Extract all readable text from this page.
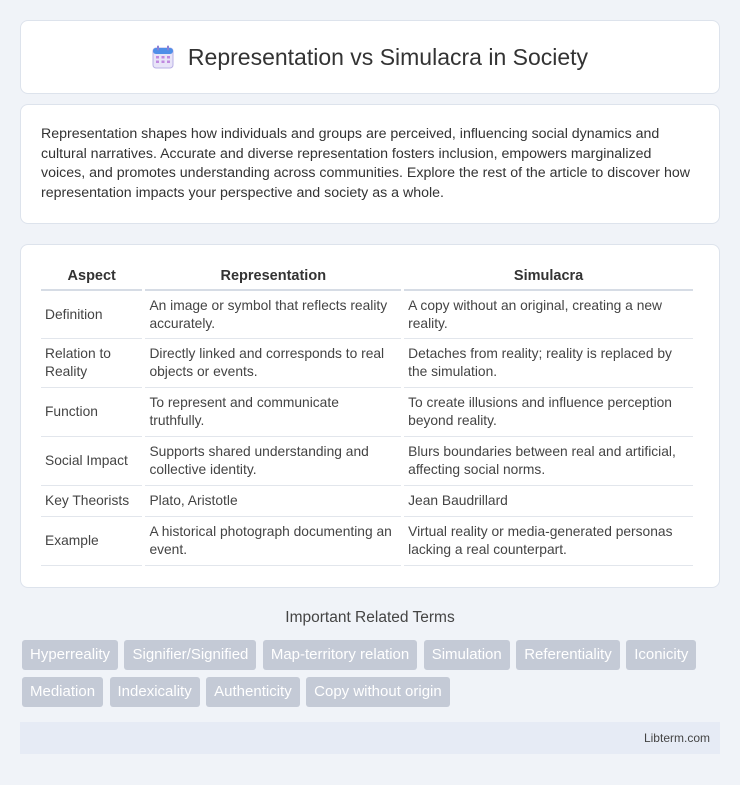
Representation vs Simulacra in Society

Representation shapes how individuals and groups are perceived, influencing social dynamics and cultural narratives. Accurate and diverse representation fosters inclusion, empowers marginalized voices, and promotes understanding across communities. Explore the rest of the article to discover how representation impacts your perspective and society as a whole.

Aspect	Representation	Simulacra
Definition	An image or symbol that reflects reality accurately.	A copy without an original, creating a new reality.
Relation to Reality	Directly linked and corresponds to real objects or events.	Detaches from reality; reality is replaced by the simulation.
Function	To represent and communicate truthfully.	To create illusions and influence perception beyond reality.
Social Impact	Supports shared understanding and collective identity.	Blurs boundaries between real and artificial, affecting social norms.
Key Theorists	Plato, Aristotle	Jean Baudrillard
Example	A historical photograph documenting an event.	Virtual reality or media-generated personas lacking a real counterpart.
Important Related Terms
Hyperreality Signifier/Signified Map-territory relation Simulation Referentiality Iconicity Mediation Indexicality Authenticity Copy without origin
Libterm.com
